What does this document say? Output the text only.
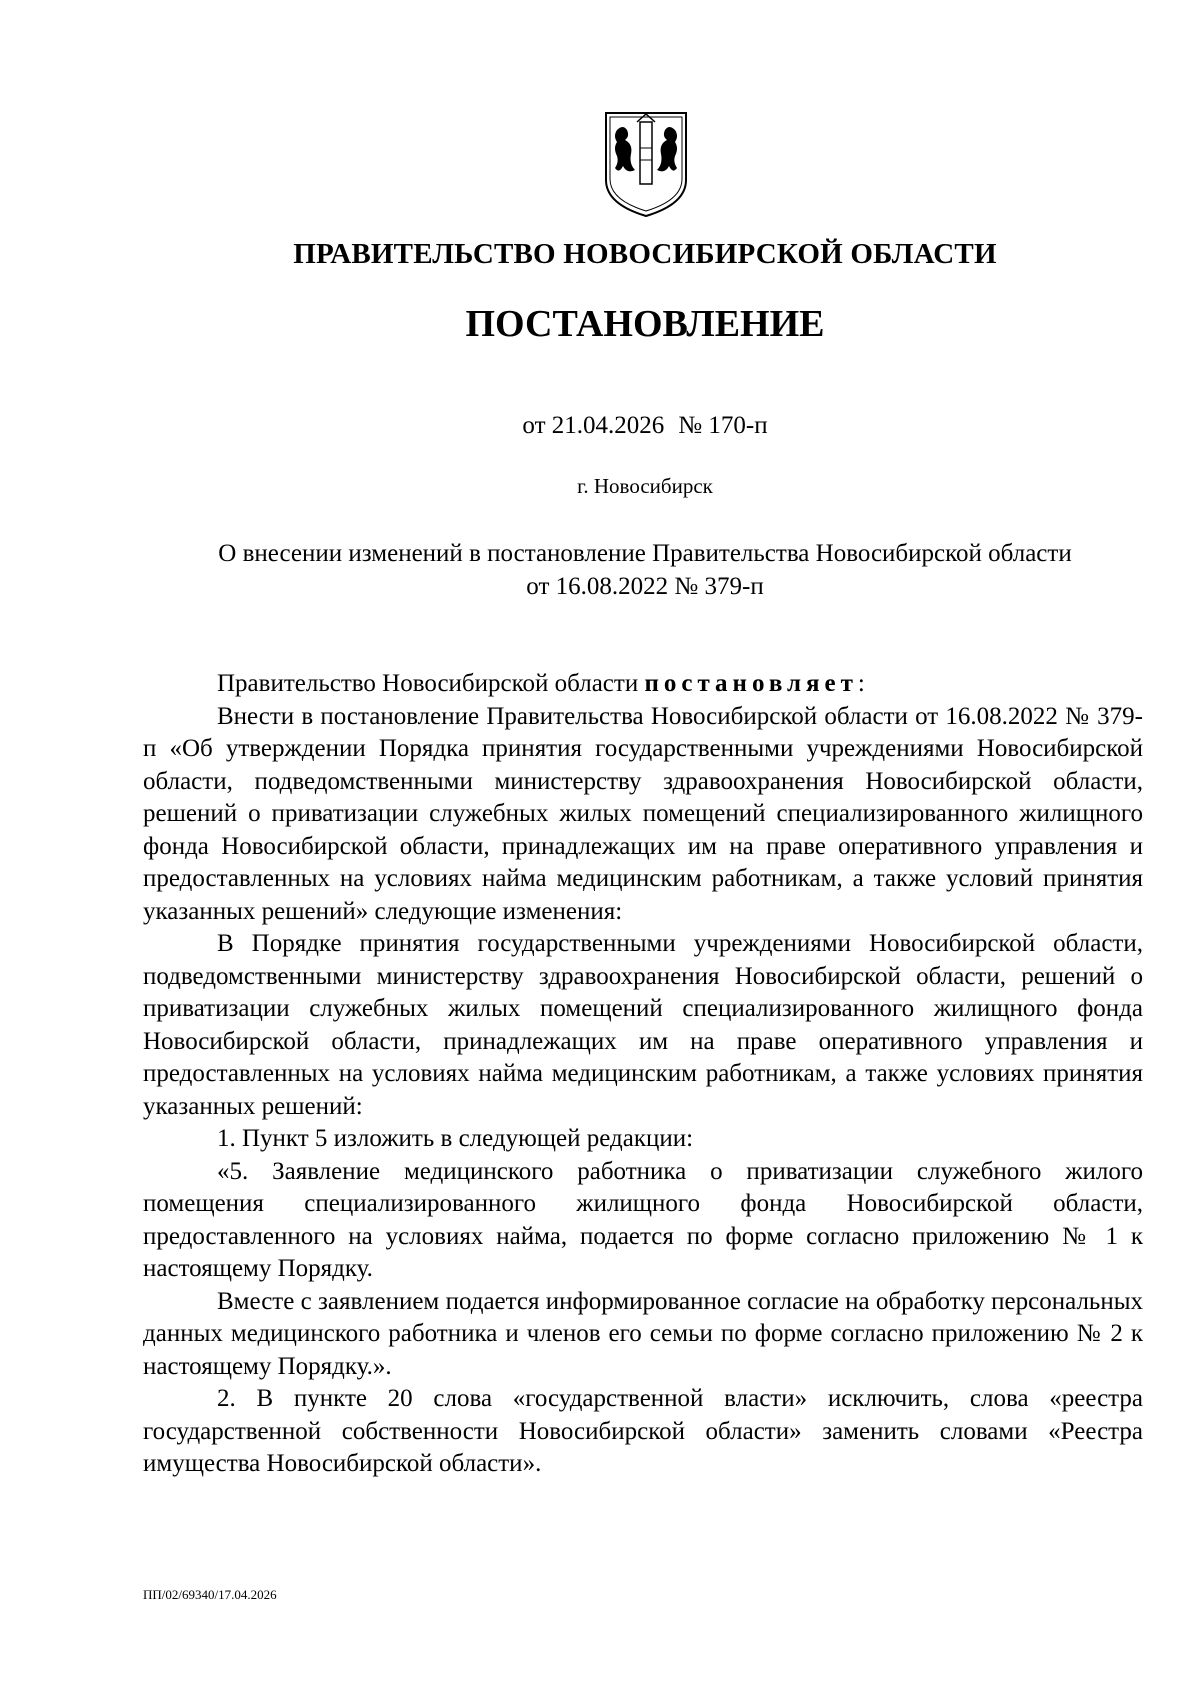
ПРАВИТЕЛЬСТВО НОВОСИБИРСКОЙ ОБЛАСТИ
ПОСТАНОВЛЕНИЕ
от 21.04.2026 № 170-п
г. Новосибирск
О внесении изменений в постановление Правительства Новосибирской области
от 16.08.2022 № 379-п

Правительство Новосибирской области постановляет:

Внести в постановление Правительства Новосибирской области от 16.08.2022 № 379-п «Об утверждении Порядка принятия государственными учреждениями Новосибирской области, подведомственными министерству здравоохранения Новосибирской области, решений о приватизации служебных жилых помещений специализированного жилищного фонда Новосибирской области, принадлежащих им на праве оперативного управления и предоставленных на условиях найма медицинским работникам, а также условий принятия указанных решений» следующие изменения:

В Порядке принятия государственными учреждениями Новосибирской области, подведомственными министерству здравоохранения Новосибирской области, решений о приватизации служебных жилых помещений специализированного жилищного фонда Новосибирской области, принадлежащих им на праве оперативного управления и предоставленных на условиях найма медицинским работникам, а также условиях принятия указанных решений:

1. Пункт 5 изложить в следующей редакции:

«5. Заявление медицинского работника о приватизации служебного жилого помещения специализированного жилищного фонда Новосибирской области, предоставленного на условиях найма, подается по форме согласно приложению № 1 к настоящему Порядку.

Вместе с заявлением подается информированное согласие на обработку персональных данных медицинского работника и членов его семьи по форме согласно приложению № 2 к настоящему Порядку.».

2. В пункте 20 слова «государственной власти» исключить, слова «реестра государственной собственности Новосибирской области» заменить словами «Реестра имущества Новосибирской области».

ПП/02/69340/17.04.2026
